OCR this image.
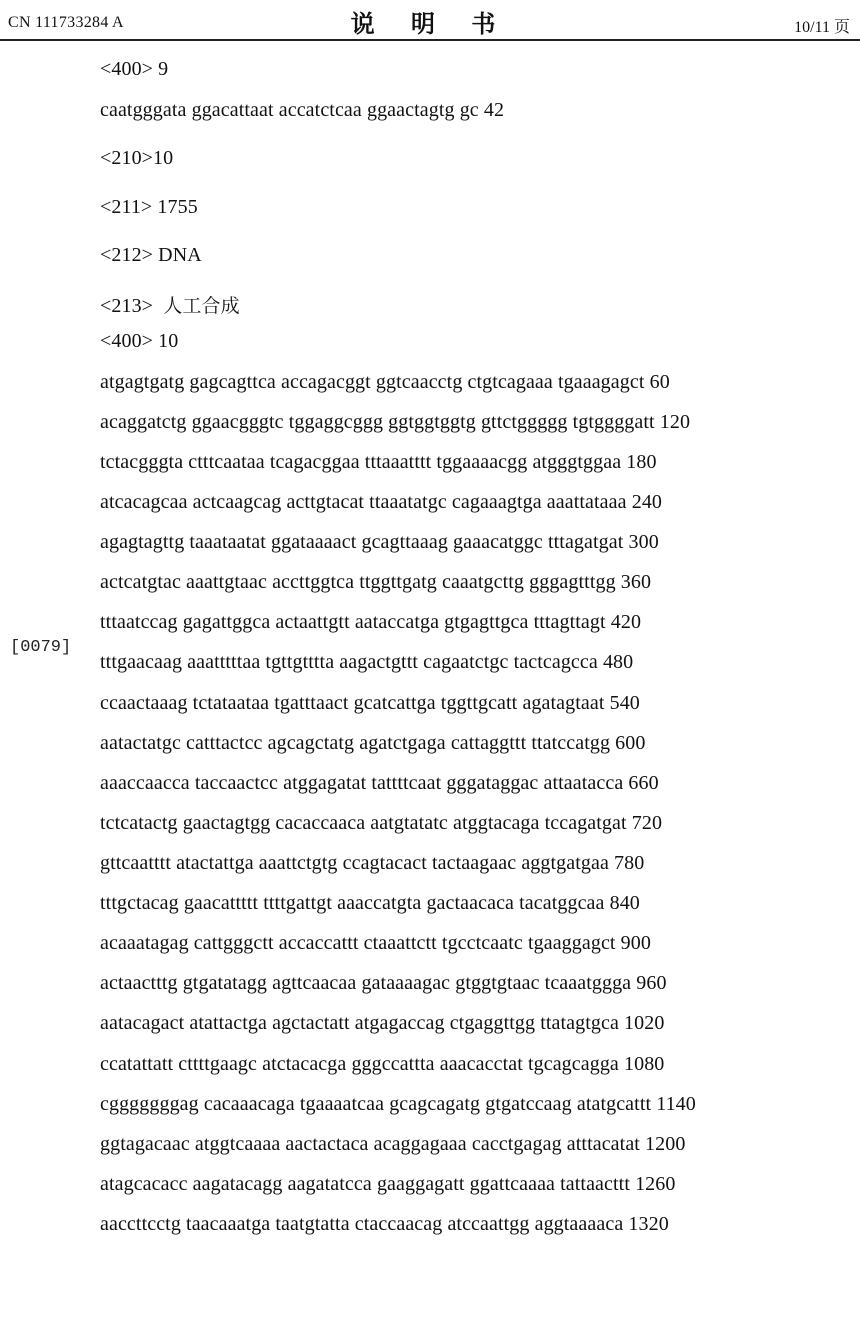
CN 111733284 A	说 明 书	10/11 页
[0079]
<400> 9
caatgggata ggacattaat accatctcaa ggaactagtg gc 42
<210>10
<211> 1755
<212> DNA
<213> 人工合成
<400> 10
atgagtgatg gagcagttca accagacggt ggtcaacctg ctgtcagaaa tgaaagagct 60
acaggatctg ggaacgggtc tggaggcggg ggtggtggtg gttctggggg tgtggggatt 120
tctacgggta ctttcaataa tcagacggaa tttaaatttt tggaaaacgg atgggtggaa 180
atcacagcaa actcaagcag acttgtacat ttaaatatgc cagaaagtga aaattataaa 240
agagtagttg taaataatat ggataaaact gcagttaaag gaaacatggc tttagatgat 300
actcatgtac aaattgtaac accttggtca ttggttgatg caaatgcttg gggagtttgg 360
tttaatccag gagattggca actaattgtt aataccatga gtgagttgca tttagttagt 420
tttgaacaag aaatttttaa tgttgtttta aagactgttt cagaatctgc tactcagcca 480
ccaactaaag tctataataa tgatttaact gcatcattga tggttgcatt agatagtaat 540
aatactatgc catttactcc agcagctatg agatctgaga cattaggttt ttatccatgg 600
aaaccaacca taccaactcc atggagatat tattttcaat gggataggac attaatacca 660
tctcatactg gaactagtgg cacaccaaca aatgtatatc atggtacaga tccagatgat 720
gttcaatttt atactattga aaattctgtg ccagtacact tactaagaac aggtgatgaa 780
tttgctacag gaacattttt ttttgattgt aaaccatgta gactaacaca tacatggcaa 840
acaaatagag cattgggctt accaccattt ctaaattctt tgcctcaatc tgaaggagct 900
actaactttg gtgatatagg agttcaacaa gataaaagac gtggtgtaac tcaaatggga 960
aatacagact atattactga agctactatt atgagaccag ctgaggttgg ttatagtgca 1020
ccatattatt cttttgaagc atctacacga gggccattta aaacacctat tgcagcagga 1080
cgggggggag cacaaacaga tgaaaatcaa gcagcagatg gtgatccaag atatgcattt 1140
ggtagacaac atggtcaaaa aactactaca acaggagaaa cacctgagag atttacatat 1200
atagcacacc aagatacagg aagatatcca gaaggagatt ggattcaaaa tattaacttt 1260
aaccttcctg taacaaatga taatgtatta ctaccaacag atccaattgg aggtaaaaca 1320
